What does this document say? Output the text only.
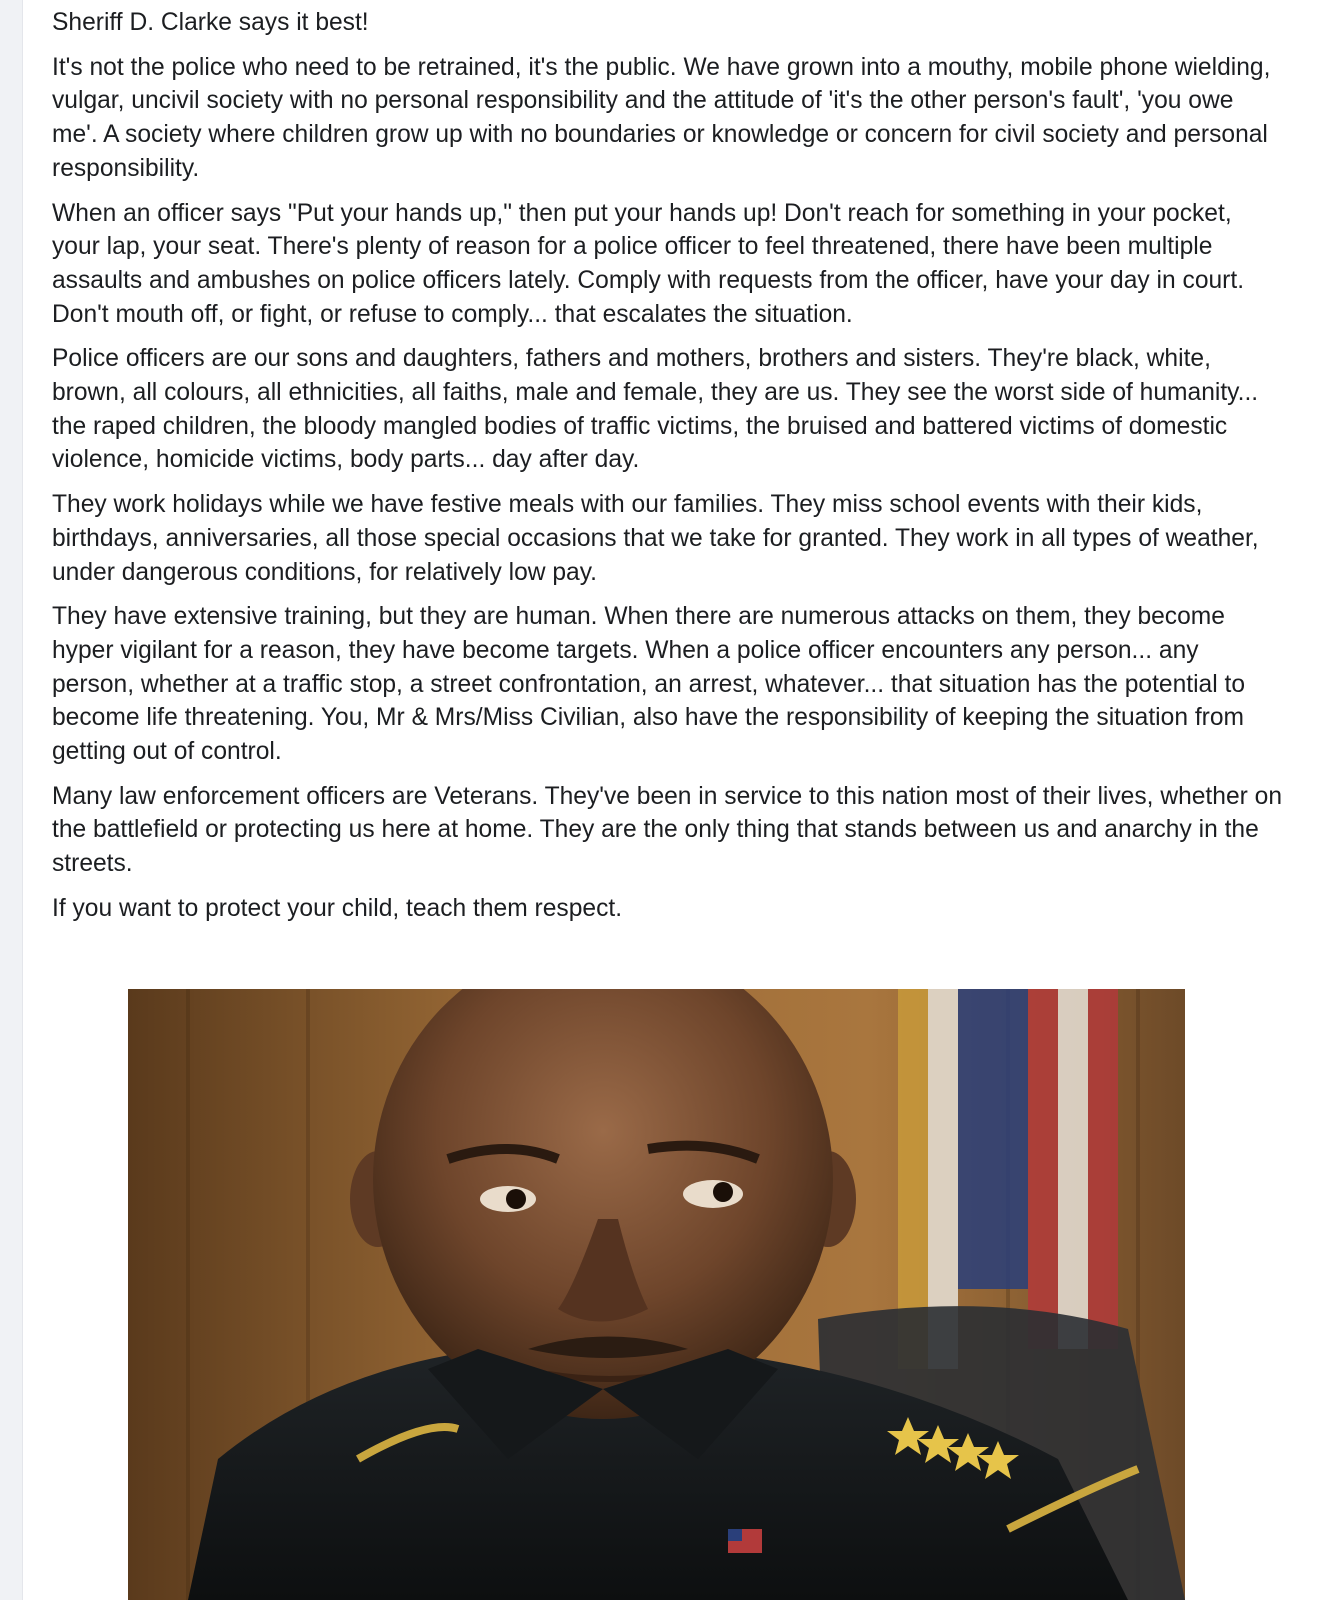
Sheriff D. Clarke says it best!

It's not the police who need to be retrained, it's the public. We have grown into a mouthy, mobile phone wielding, vulgar, uncivil society with no personal responsibility and the attitude of 'it's the other person's fault', 'you owe me'. A society where children grow up with no boundaries or knowledge or concern for civil society and personal responsibility.

When an officer says "Put your hands up," then put your hands up! Don't reach for something in your pocket, your lap, your seat. There's plenty of reason for a police officer to feel threatened, there have been multiple assaults and ambushes on police officers lately. Comply with requests from the officer, have your day in court. Don't mouth off, or fight, or refuse to comply... that escalates the situation.

Police officers are our sons and daughters, fathers and mothers, brothers and sisters. They're black, white, brown, all colours, all ethnicities, all faiths, male and female, they are us. They see the worst side of humanity... the raped children, the bloody mangled bodies of traffic victims, the bruised and battered victims of domestic violence, homicide victims, body parts... day after day.

They work holidays while we have festive meals with our families. They miss school events with their kids, birthdays, anniversaries, all those special occasions that we take for granted. They work in all types of weather, under dangerous conditions, for relatively low pay.

They have extensive training, but they are human. When there are numerous attacks on them, they become hyper vigilant for a reason, they have become targets. When a police officer encounters any person... any person, whether at a traffic stop, a street confrontation, an arrest, whatever... that situation has the potential to become life threatening. You, Mr & Mrs/Miss Civilian, also have the responsibility of keeping the situation from getting out of control.

Many law enforcement officers are Veterans. They've been in service to this nation most of their lives, whether on the battlefield or protecting us here at home. They are the only thing that stands between us and anarchy in the streets.

If you want to protect your child, teach them respect.
